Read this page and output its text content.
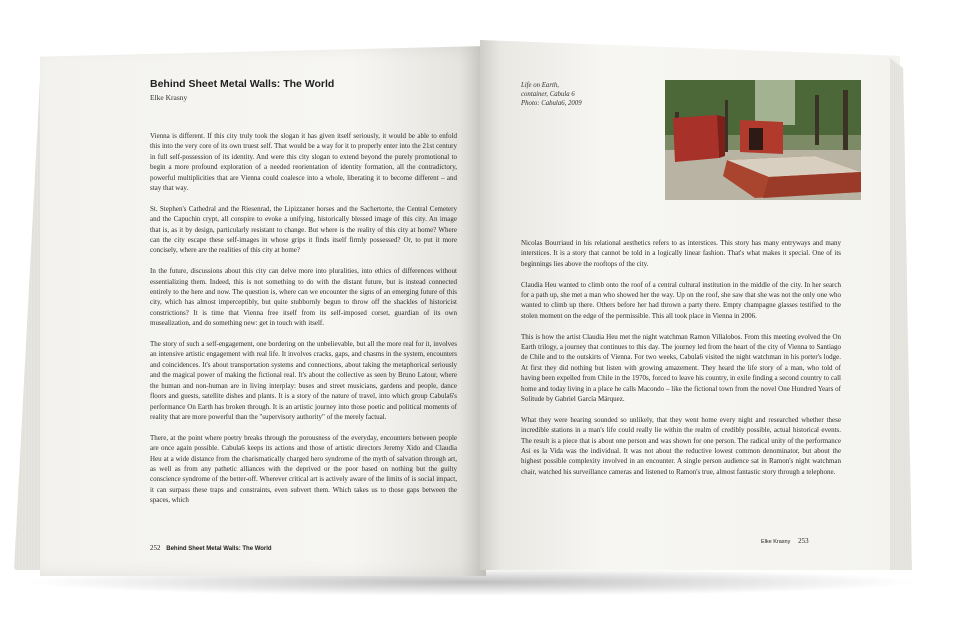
Behind Sheet Metal Walls: The World
Elke Krasny

Vienna is different. If this city truly took the slogan it has given itself seriously, it would be able to enfold this into the very core of its own truest self. That would be a way for it to properly enter into the 21st century in full self-possession of its identity. And were this city slogan to extend beyond the purely promotional to begin a more profound exploration of a needed reorientation of identity formation, all the contradictory, powerful multiplicities that are Vienna could coalesce into a whole, liberating it to become different – and stay that way.

St. Stephen's Cathedral and the Riesenrad, the Lipizzaner horses and the Sachertorte, the Central Cemetery and the Capuchin crypt, all conspire to evoke a unifying, historically blessed image of this city. An image that is, as it by design, particularly resistant to change. But where is the reality of this city at home? Where can the city escape these self-images in whose grips it finds itself firmly possessed? Or, to put it more concisely, where are the realities of this city at home?

In the future, discussions about this city can delve more into pluralities, into ethics of differences without essentializing them. Indeed, this is not something to do with the distant future, but is instead connected entirely to the here and now. The question is, where can we encounter the signs of an emerging future of this city, which has almost imperceptibly, but quite stubbornly begun to throw off the shackles of historicist constrictions? It is time that Vienna free itself from its self-imposed corset, guardian of its own musealization, and do something new: get in touch with itself.

The story of such a self-engagement, one bordering on the unbelievable, but all the more real for it, involves an intensive artistic engagement with real life. It involves cracks, gaps, and chasms in the system, encounters and coincidences. It's about transportation systems and connections, about taking the metaphorical seriously and the magical power of making the fictional real. It's about the collective as seen by Bruno Latour, where the human and non-human are in living interplay: buses and street musicians, gardens and people, dance floors and guests, satellite dishes and plants. It is a story of the nature of travel, into which group Cabula6's performance On Earth has broken through. It is an artistic journey into those poetic and political moments of reality that are more powerful than the "supervisory authority" of the merely factual.

There, at the point where poetry breaks through the porousness of the everyday, encounters between people are once again possible. Cabula6 keeps its actions and those of artistic directors Jeremy Xido and Claudia Heu at a wide distance from the charismatically charged hero syndrome of the myth of salvation through art, as well as from any pathetic alliances with the deprived or the poor based on nothing but the guilty conscience syndrome of the better-off. Wherever critical art is actively aware of the limits of is social impact, it can surpass these traps and constraints, even subvert them. Which takes us to those gaps between the spaces, which

252 Behind Sheet Metal Walls: The World
Life on Earth,
container, Cabula 6
Photo: Cabula6, 2009

Nicolas Bourriaud in his relational aesthetics refers to as interstices. This story has many entryways and many interstices. It is a story that cannot be told in a logically linear fashion. That's what makes it special. One of its beginnings lies above the rooftops of the city.

Claudia Heu wanted to climb onto the roof of a central cultural institution in the middle of the city. In her search for a path up, she met a man who showed her the way. Up on the roof, she saw that she was not the only one who wanted to climb up there. Others before her had thrown a party there. Empty champagne glasses testified to the stolen moment on the edge of the permissible. This all took place in Vienna in 2006.

This is how the artist Claudia Heu met the night watchman Ramon Villalobos. From this meeting evolved the On Earth trilogy, a journey that continues to this day. The journey led from the heart of the city of Vienna to Santiago de Chile and to the outskirts of Vienna. For two weeks, Cabula6 visited the night watchman in his porter's lodge. At first they did nothing but listen with growing amazement. They heard the life story of a man, who told of having been expelled from Chile in the 1970s, forced to leave his country, in exile finding a second country to call home and today living in a place he calls Macondo – like the fictional town from the novel One Hundred Years of Solitude by Gabriel García Márquez.

What they were hearing sounded so unlikely, that they went home every night and researched whether these incredible stations in a man's life could really lie within the realm of credibly possible, actual historical events. The result is a piece that is about one person and was shown for one person. The radical unity of the performance Asi es la Vida was the individual. It was not about the reductive lowest common denominator, but about the highest possible complexity involved in an encounter. A single person audience sat in Ramon's night watchman chair, watched his surveillance cameras and listened to Ramon's true, almost fantastic story through a telephone.

Elke Krasny 253
